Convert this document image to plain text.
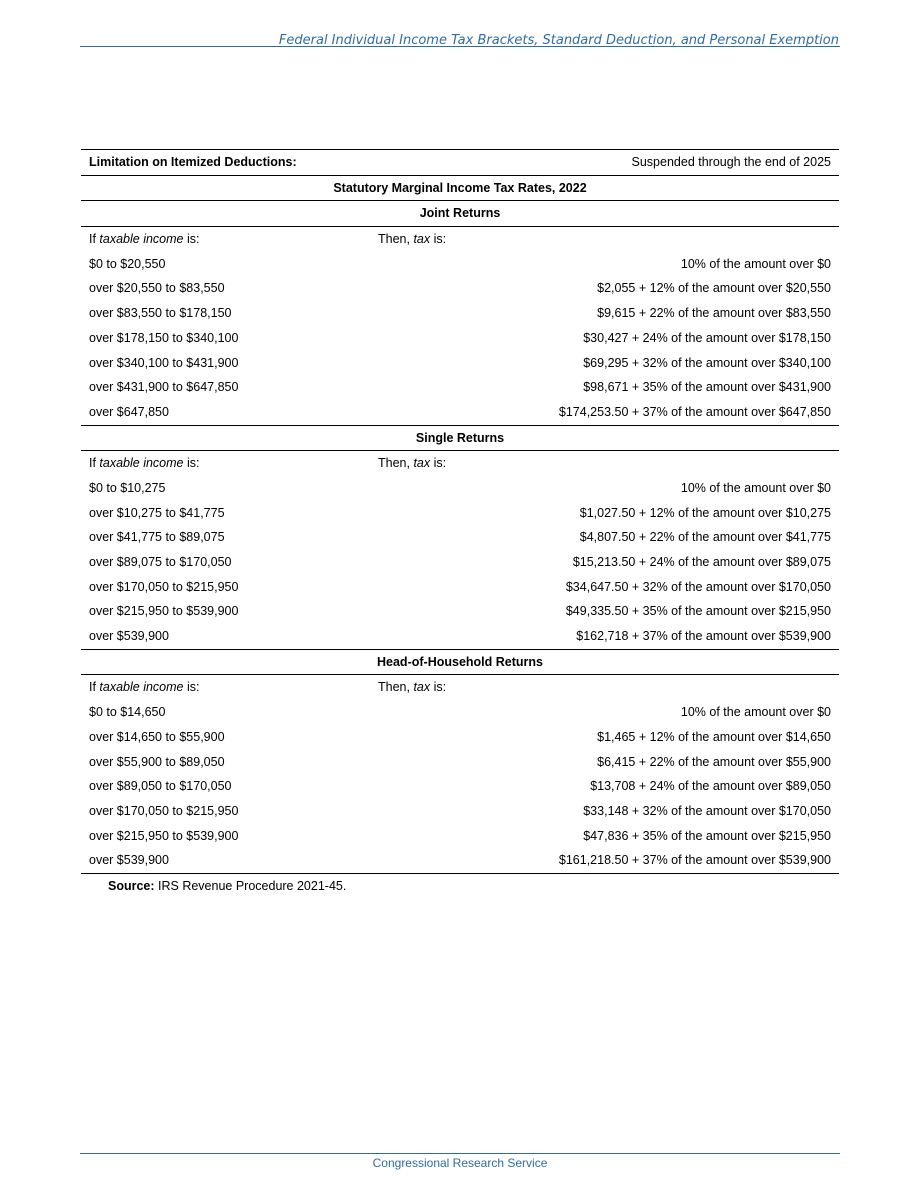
Federal Individual Income Tax Brackets, Standard Deduction, and Personal Exemption
Limitation on Itemized Deductions:	Suspended through the end of 2025
Statutory Marginal Income Tax Rates, 2022
Joint Returns
If taxable income is:	Then, tax is:
$0 to $20,550	10% of the amount over $0
over $20,550 to $83,550	$2,055 + 12% of the amount over $20,550
over $83,550 to $178,150	$9,615 + 22% of the amount over $83,550
over $178,150 to $340,100	$30,427 + 24% of the amount over $178,150
over $340,100 to $431,900	$69,295 + 32% of the amount over $340,100
over $431,900 to $647,850	$98,671 + 35% of the amount over $431,900
over $647,850	$174,253.50 + 37% of the amount over $647,850
Single Returns
If taxable income is:	Then, tax is:
$0 to $10,275	10% of the amount over $0
over $10,275 to $41,775	$1,027.50 + 12% of the amount over $10,275
over $41,775 to $89,075	$4,807.50 + 22% of the amount over $41,775
over $89,075 to $170,050	$15,213.50 + 24% of the amount over $89,075
over $170,050 to $215,950	$34,647.50 + 32% of the amount over $170,050
over $215,950 to $539,900	$49,335.50 + 35% of the amount over $215,950
over $539,900	$162,718 + 37% of the amount over $539,900
Head-of-Household Returns
If taxable income is:	Then, tax is:
$0 to $14,650	10% of the amount over $0
over $14,650 to $55,900	$1,465 + 12% of the amount over $14,650
over $55,900 to $89,050	$6,415 + 22% of the amount over $55,900
over $89,050 to $170,050	$13,708 + 24% of the amount over $89,050
over $170,050 to $215,950	$33,148 + 32% of the amount over $170,050
over $215,950 to $539,900	$47,836 + 35% of the amount over $215,950
over $539,900	$161,218.50 + 37% of the amount over $539,900
Source: IRS Revenue Procedure 2021-45.
Congressional Research Service
